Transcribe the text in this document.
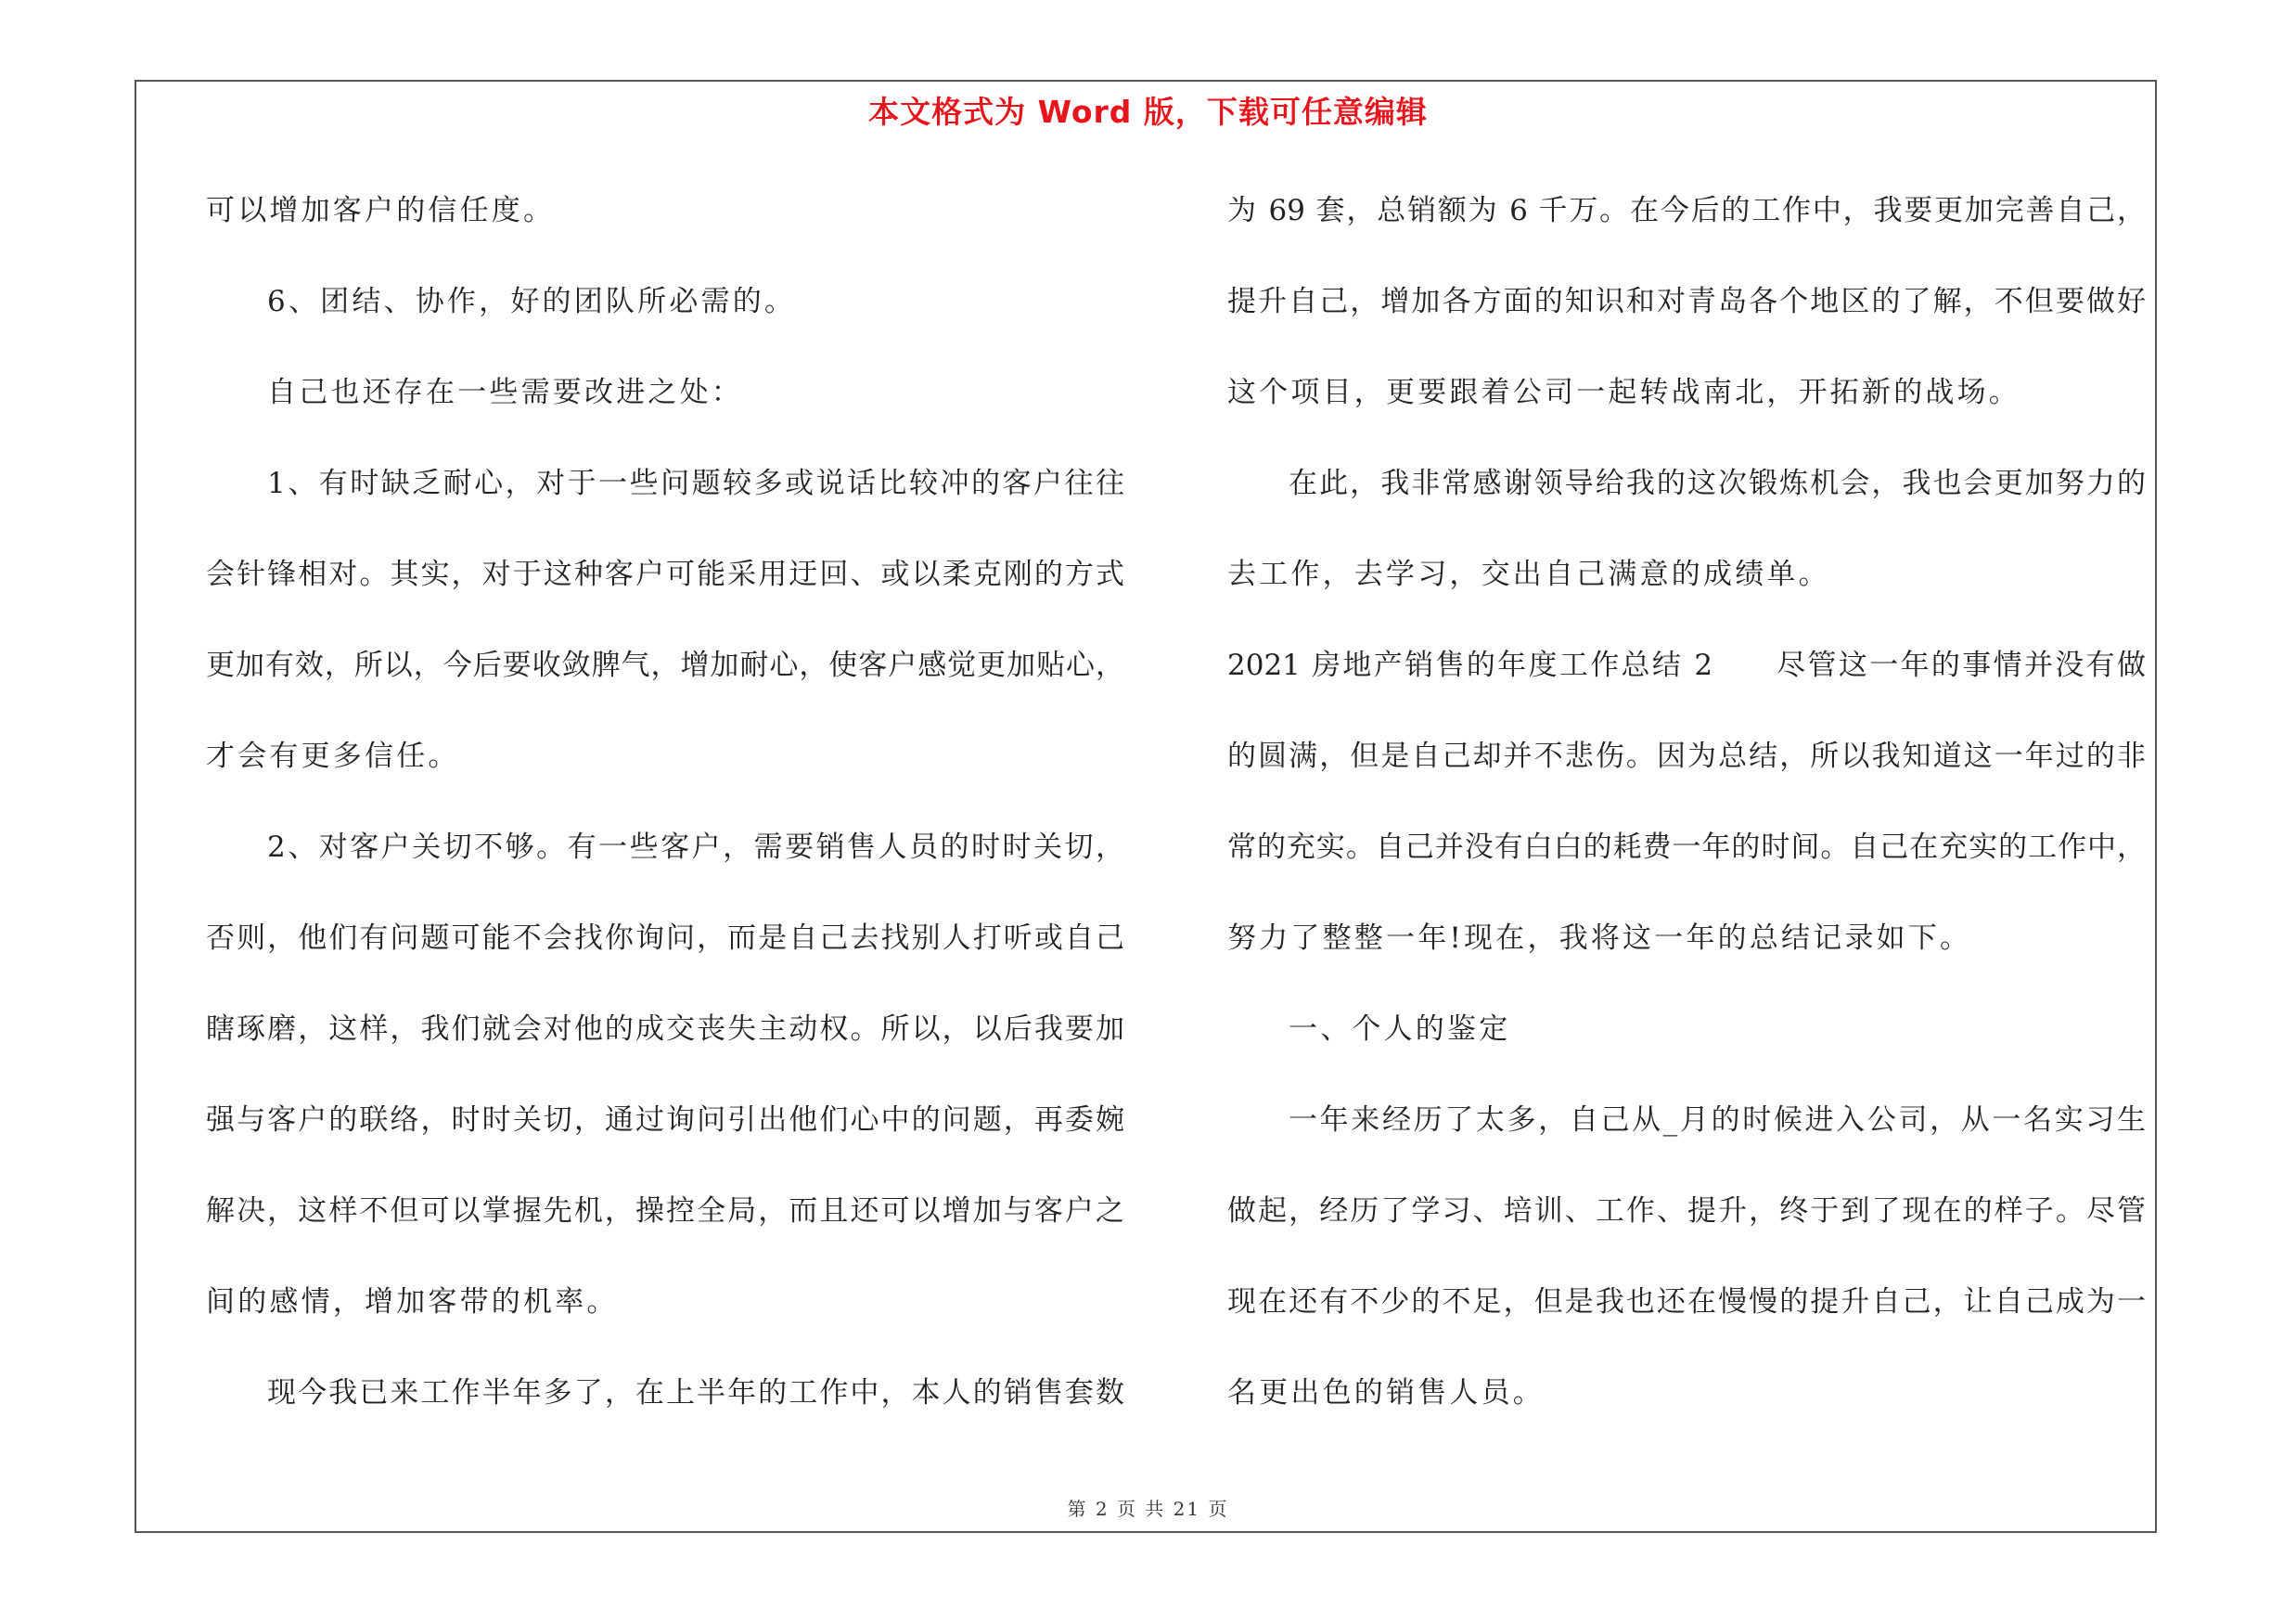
本文格式为 Word 版，下载可任意编辑
可以增加客户的信任度。
6、团结、协作，好的团队所必需的。
自己也还存在一些需要改进之处：
1、有时缺乏耐心，对于一些问题较多或说话比较冲的客户往往
会针锋相对。其实，对于这种客户可能采用迂回、或以柔克刚的方式
更加有效，所以，今后要收敛脾气，增加耐心，使客户感觉更加贴心，
才会有更多信任。
2、对客户关切不够。有一些客户，需要销售人员的时时关切，
否则，他们有问题可能不会找你询问，而是自己去找别人打听或自己
瞎琢磨，这样，我们就会对他的成交丧失主动权。所以，以后我要加
强与客户的联络，时时关切，通过询问引出他们心中的问题，再委婉
解决，这样不但可以掌握先机，操控全局，而且还可以增加与客户之
间的感情，增加客带的机率。
现今我已来工作半年多了，在上半年的工作中，本人的销售套数
为 69 套，总销额为 6 千万。在今后的工作中，我要更加完善自己，
提升自己，增加各方面的知识和对青岛各个地区的了解，不但要做好
这个项目，更要跟着公司一起转战南北，开拓新的战场。
在此，我非常感谢领导给我的这次锻炼机会，我也会更加努力的
去工作，去学习，交出自己满意的成绩单。
2021 房地产销售的年度工作总结 2　　尽管这一年的事情并没有做
的圆满，但是自己却并不悲伤。因为总结，所以我知道这一年过的非
常的充实。自己并没有白白的耗费一年的时间。自己在充实的工作中，
努力了整整一年!现在，我将这一年的总结记录如下。
一、个人的鉴定
一年来经历了太多，自己从_月的时候进入公司，从一名实习生
做起，经历了学习、培训、工作、提升，终于到了现在的样子。尽管
现在还有不少的不足，但是我也还在慢慢的提升自己，让自己成为一
名更出色的销售人员。
第 2 页 共 21 页
